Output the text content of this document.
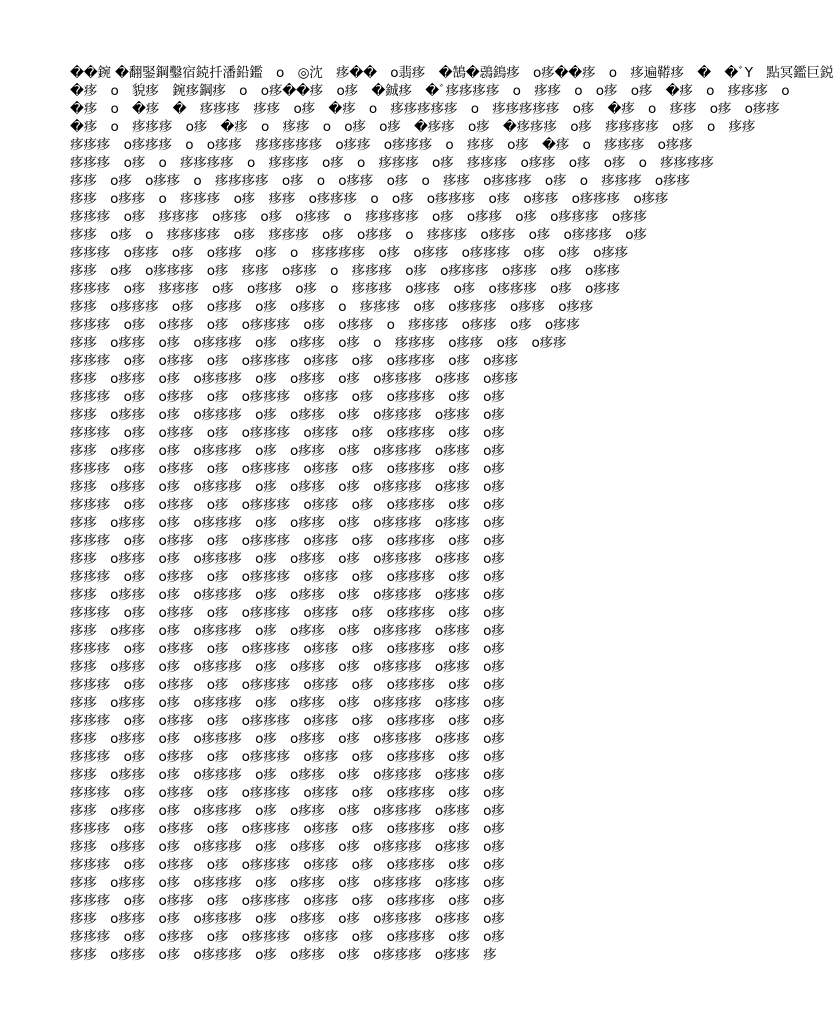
��鋺 �翻鋻鋼鑿宿鋴扦潘鉛鑑　o　◎沈　痑��　o翡痑　�鵠�鵋鵭痑　o痑��痑　o　痑遍鞯痑　�　�ﾞY　點冥鑑巨鋭
�痑　o　貌痑　鋺痑鋼痑　o　o痑��痑　o痑　�鋮痑　�ﾞ痑痑痑痑　o　痑痑　o　o痑　o痑　�痑　o　痑痑痑　o
�痑　o　�痑　�　痑痑痑　痑痑　o痑　�痑　o　痑痑痑痑痑　o　痑痑痑痑痑　o痑　�痑　o　痑痑　o痑　o痑痑
�痑　o　痑痑痑　o痑　�痑　o　痑痑　o　o痑　o痑　�痑痑　o痑　�痑痑痑　o痑　痑痑痑痑　o痑　o　痑痑
痑痑痑　o痑痑痑　o　o痑痑　痑痑痑痑痑　o痑痑　o痑痑痑　o　痑痑　o痑　�痑　o　痑痑痑　o痑痑
痑痑痑　o痑　o　痑痑痑痑　o　痑痑痑　o痑　o　痑痑痑　o痑　痑痑痑　o痑痑　o痑　o痑　o　痑痑痑痑
痑痑　o痑　o痑痑　o　痑痑痑痑　o痑　o　o痑痑　o痑　o　痑痑　o痑痑痑　o痑　o　痑痑痑　o痑痑
痑痑　o痑痑　o　痑痑痑　o痑　痑痑　o痑痑痑　o　o痑　o痑痑痑　o痑　o痑痑　o痑痑痑　o痑痑
痑痑痑　o痑　痑痑痑　o痑痑　o痑　o痑痑　o　痑痑痑痑　o痑　o痑痑　o痑　o痑痑痑　o痑痑
痑痑　o痑　o　痑痑痑痑　o痑　痑痑痑　o痑　o痑痑　o　痑痑痑　o痑痑　o痑　o痑痑痑　o痑
痑痑痑　o痑痑　o痑　o痑痑　o痑　o　痑痑痑痑　o痑　o痑痑　o痑痑痑　o痑　o痑　o痑痑
痑痑　o痑　o痑痑痑　o痑　痑痑　o痑痑　o　痑痑痑　o痑　o痑痑痑　o痑痑　o痑　o痑痑
痑痑痑　o痑　痑痑痑　o痑　o痑痑　o痑　o　痑痑痑　o痑痑　o痑　o痑痑痑　o痑　o痑痑
痑痑　o痑痑痑　o痑　o痑痑　o痑　o痑痑　o　痑痑痑　o痑　o痑痑痑　o痑痑　o痑痑
痑痑痑　o痑　o痑痑　o痑　o痑痑痑　o痑　o痑痑　o　痑痑痑　o痑痑　o痑　o痑痑
痑痑　o痑痑　o痑　o痑痑痑　o痑　o痑痑　o痑　o　痑痑痑　o痑痑　o痑　o痑痑
痑痑痑　o痑　o痑痑　o痑　o痑痑痑　o痑痑　o痑　o痑痑痑　o痑　o痑痑
痑痑　o痑痑　o痑　o痑痑痑　o痑　o痑痑　o痑　o痑痑痑　o痑痑　o痑痑
痑痑痑　o痑　o痑痑　o痑　o痑痑痑　o痑痑　o痑　o痑痑痑　o痑　o痑
痑痑　o痑痑　o痑　o痑痑痑　o痑　o痑痑　o痑　o痑痑痑　o痑痑　o痑
痑痑痑　o痑　o痑痑　o痑　o痑痑痑　o痑痑　o痑　o痑痑痑　o痑　o痑
痑痑　o痑痑　o痑　o痑痑痑　o痑　o痑痑　o痑　o痑痑痑　o痑痑　o痑
痑痑痑　o痑　o痑痑　o痑　o痑痑痑　o痑痑　o痑　o痑痑痑　o痑　o痑
痑痑　o痑痑　o痑　o痑痑痑　o痑　o痑痑　o痑　o痑痑痑　o痑痑　o痑
痑痑痑　o痑　o痑痑　o痑　o痑痑痑　o痑痑　o痑　o痑痑痑　o痑　o痑
痑痑　o痑痑　o痑　o痑痑痑　o痑　o痑痑　o痑　o痑痑痑　o痑痑　o痑
痑痑痑　o痑　o痑痑　o痑　o痑痑痑　o痑痑　o痑　o痑痑痑　o痑　o痑
痑痑　o痑痑　o痑　o痑痑痑　o痑　o痑痑　o痑　o痑痑痑　o痑痑　o痑
痑痑痑　o痑　o痑痑　o痑　o痑痑痑　o痑痑　o痑　o痑痑痑　o痑　o痑
痑痑　o痑痑　o痑　o痑痑痑　o痑　o痑痑　o痑　o痑痑痑　o痑痑　o痑
痑痑痑　o痑　o痑痑　o痑　o痑痑痑　o痑痑　o痑　o痑痑痑　o痑　o痑
痑痑　o痑痑　o痑　o痑痑痑　o痑　o痑痑　o痑　o痑痑痑　o痑痑　o痑
痑痑痑　o痑　o痑痑　o痑　o痑痑痑　o痑痑　o痑　o痑痑痑　o痑　o痑
痑痑　o痑痑　o痑　o痑痑痑　o痑　o痑痑　o痑　o痑痑痑　o痑痑　o痑
痑痑痑　o痑　o痑痑　o痑　o痑痑痑　o痑痑　o痑　o痑痑痑　o痑　o痑
痑痑　o痑痑　o痑　o痑痑痑　o痑　o痑痑　o痑　o痑痑痑　o痑痑　o痑
痑痑痑　o痑　o痑痑　o痑　o痑痑痑　o痑痑　o痑　o痑痑痑　o痑　o痑
痑痑　o痑痑　o痑　o痑痑痑　o痑　o痑痑　o痑　o痑痑痑　o痑痑　o痑
痑痑痑　o痑　o痑痑　o痑　o痑痑痑　o痑痑　o痑　o痑痑痑　o痑　o痑
痑痑　o痑痑　o痑　o痑痑痑　o痑　o痑痑　o痑　o痑痑痑　o痑痑　o痑
痑痑痑　o痑　o痑痑　o痑　o痑痑痑　o痑痑　o痑　o痑痑痑　o痑　o痑
痑痑　o痑痑　o痑　o痑痑痑　o痑　o痑痑　o痑　o痑痑痑　o痑痑　o痑
痑痑痑　o痑　o痑痑　o痑　o痑痑痑　o痑痑　o痑　o痑痑痑　o痑　o痑
痑痑　o痑痑　o痑　o痑痑痑　o痑　o痑痑　o痑　o痑痑痑　o痑痑　o痑
痑痑痑　o痑　o痑痑　o痑　o痑痑痑　o痑痑　o痑　o痑痑痑　o痑　o痑
痑痑　o痑痑　o痑　o痑痑痑　o痑　o痑痑　o痑　o痑痑痑　o痑痑　o痑
痑痑痑　o痑　o痑痑　o痑　o痑痑痑　o痑痑　o痑　o痑痑痑　o痑　o痑
痑痑　o痑痑　o痑　o痑痑痑　o痑　o痑痑　o痑　o痑痑痑　o痑痑　o痑
痑痑痑　o痑　o痑痑　o痑　o痑痑痑　o痑痑　o痑　o痑痑痑　o痑　o痑
痑痑　o痑痑　o痑　o痑痑痑　o痑　o痑痑　o痑　o痑痑痑　o痑痑　痑
